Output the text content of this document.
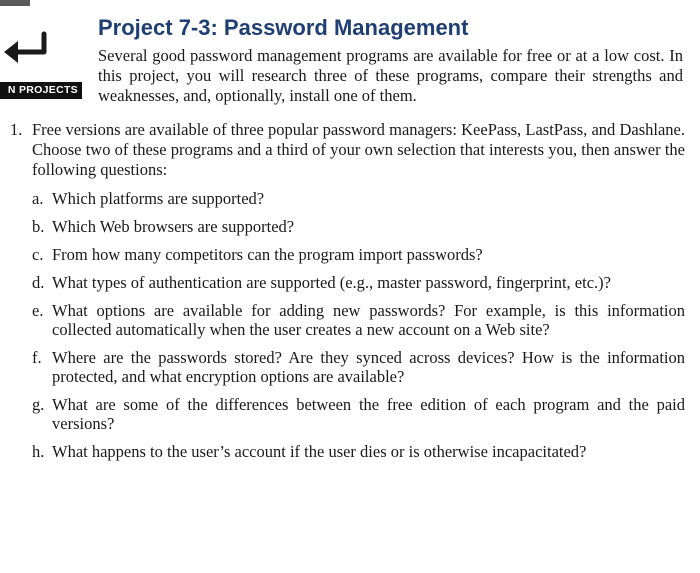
N PROJECTS
Project 7-3: Password Management

Several good password management programs are available for free or at a low cost. In this project, you will research three of these programs, compare their strengths and weaknesses, and, optionally, install one of them.

1. Free versions are available of three popular password managers: KeePass, LastPass, and Dashlane. Choose two of these programs and a third of your own selection that interests you, then answer the following questions:

a. Which platforms are supported?

b. Which Web browsers are supported?

c. From how many competitors can the program import passwords?

d. What types of authentication are supported (e.g., master password, fingerprint, etc.)?

e. What options are available for adding new passwords? For example, is this information collected automatically when the user creates a new account on a Web site?

f. Where are the passwords stored? Are they synced across devices? How is the information protected, and what encryption options are available?

g. What are some of the differences between the free edition of each program and the paid versions?

h. What happens to the user’s account if the user dies or is otherwise incapacitated?
